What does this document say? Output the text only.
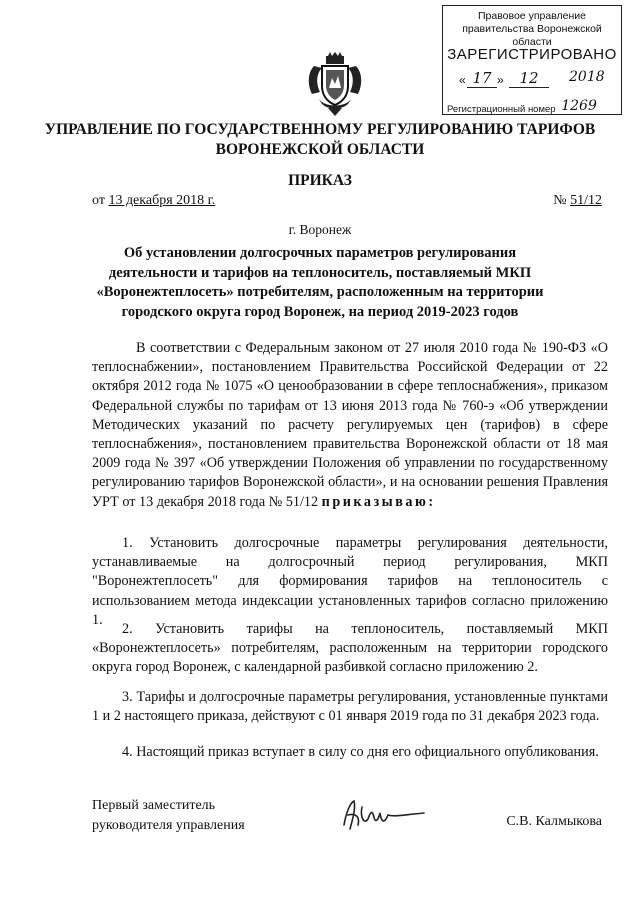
Правовое управление правительства Воронежской области
ЗАРЕГИСТРИРОВАНО
« 17 »	12	2018
Регистрационный номер 1269
УПРАВЛЕНИЕ ПО ГОСУДАРСТВЕННОМУ РЕГУЛИРОВАНИЮ ТАРИФОВ ВОРОНЕЖСКОЙ ОБЛАСТИ
ПРИКАЗ
от 13 декабря 2018 г.	№ 51/12
г. Воронеж
Об установлении долгосрочных параметров регулирования деятельности и тарифов на теплоноситель, поставляемый МКП «Воронежтеплосеть» потребителям, расположенным на территории городского округа город Воронеж, на период 2019-2023 годов
В соответствии с Федеральным законом от 27 июля 2010 года № 190-ФЗ «О теплоснабжении», постановлением Правительства Российской Федерации от 22 октября 2012 года № 1075 «О ценообразовании в сфере теплоснабжения», приказом Федеральной службы по тарифам от 13 июня 2013 года № 760-э «Об утверждении Методических указаний по расчету регулируемых цен (тарифов) в сфере теплоснабжения», постановлением правительства Воронежской области от 18 мая 2009 года № 397 «Об утверждении Положения об управлении по государственному регулированию тарифов Воронежской области», и на основании решения Правления УРТ от 13 декабря 2018 года № 51/12 приказываю:
1. Установить долгосрочные параметры регулирования деятельности, устанавливаемые на долгосрочный период регулирования, МКП "Воронежтеплосеть" для формирования тарифов на теплоноситель с использованием метода индексации установленных тарифов согласно приложению 1.
2. Установить тарифы на теплоноситель, поставляемый МКП «Воронежтеплосеть» потребителям, расположенным на территории городского округа город Воронеж, с календарной разбивкой согласно приложению 2.
3. Тарифы и долгосрочные параметры регулирования, установленные пунктами 1 и 2 настоящего приказа, действуют с 01 января 2019 года по 31 декабря 2023 года.
4. Настоящий приказ вступает в силу со дня его официального опубликования.
Первый заместитель руководителя управления	С.В. Калмыкова
